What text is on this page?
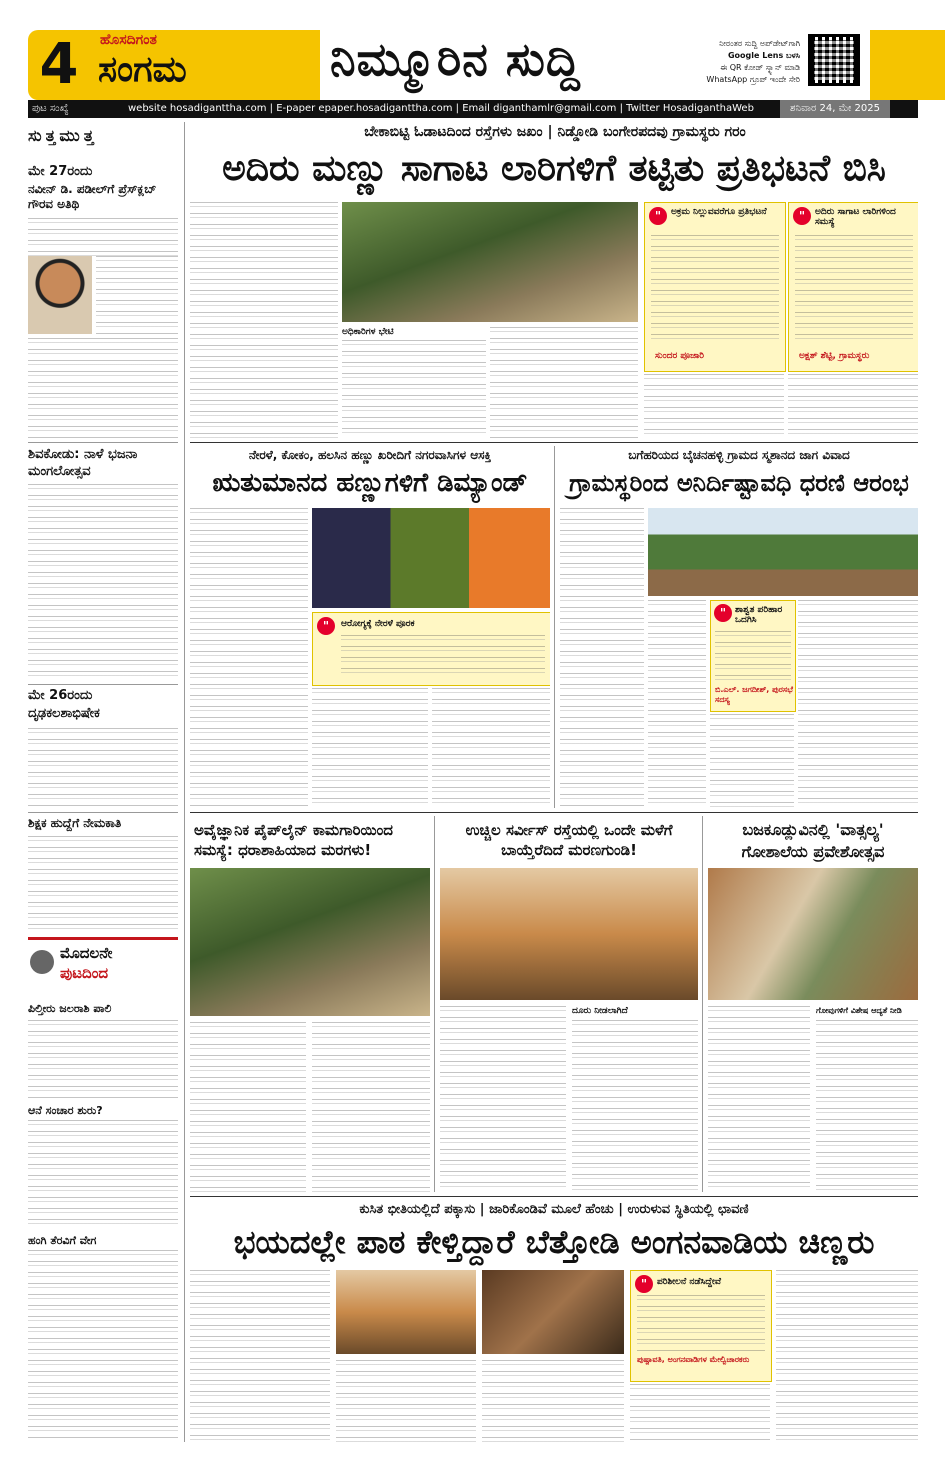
4	ಹೊಸದಿಗಂತ
ಸಂಗಮ	ನಿಮ್ಮೂರಿನ ಸುದ್ದಿ	ನೀರಂತರ ಸುದ್ದಿ ಅಪ್‌ಡೇಟ್‌ಗಾಗಿ
Google Lens ಬಳಸಿ
ಈ QR ಕೋಡ್ ಸ್ಕ್ಯಾನ್ ಮಾಡಿ
WhatsApp ಗ್ರೂಪ್ ಇಂದೇ ಸೇರಿ
ಪುಟ ಸಂಖ್ಯೆ	website hosadiganttha.com | E-paper epaper.hosadiganttha.com | Email diganthamlr@gmail.com | Twitter HosadiganthaWeb	ಶನಿವಾರ 24, ಮೇ 2025
ಸುತ್ತಮುತ್ತ
ಮೇ 27ರಂದು
ನವೀನ್ ಡಿ. ಪಡೀಲ್‌ಗೆ ಪ್ರೆಸ್‌ಕ್ಲಬ್ ಗೌರವ ಅತಿಥಿ
ಶಿವಕೋಡು: ನಾಳೆ ಭಜನಾ ಮಂಗಲೋತ್ಸವ
ಮೇ 26ರಂದು
ದೃಢಕಲಶಾಭಿಷೇಕ
ಶಿಕ್ಷಕ ಹುದ್ದೆಗೆ ನೇಮಕಾತಿ
ಮೊದಲನೇ
ಪುಟದಿಂದ
ಪಿಲ್ತೀರು ಜಲರಾಶಿ ಪಾಲಿ
ಆನೆ ಸಂಚಾರ ಶುರು?
ಹಂಗಿ ತೆರವಿಗೆ ವೇಗ
ಬೇಕಾಬಿಟ್ಟಿ ಓಡಾಟದಿಂದ ರಸ್ತೆಗಳು ಜಖಂ | ನಿಡ್ಡೋಡಿ ಬಂಗೇರಪದವು ಗ್ರಾಮಸ್ಥರು ಗರಂ
ಅದಿರು ಮಣ್ಣು ಸಾಗಾಟ ಲಾರಿಗಳಿಗೆ ತಟ್ಟಿತು ಪ್ರತಿಭಟನೆ ಬಿಸಿ
ಅಧಿಕಾರಿಗಳ ಭೇಟಿ
"	ಅಕ್ರಮ ನಿಲ್ಲುವವರೆಗೂ ಪ್ರತಿಭಟನೆ
ಸುಂದರ ಪೂಜಾರಿ
"	ಅದಿರು ಸಾಗಾಟ ಲಾರಿಗಳಿಂದ ಸಮಸ್ಯೆ
ಅಕ್ಷತ್ ಶೆಟ್ಟಿ, ಗ್ರಾಮಸ್ಥರು
ನೇರಳೆ, ಕೋಕಂ, ಹಲಸಿನ ಹಣ್ಣು ಖರೀದಿಗೆ ನಗರವಾಸಿಗಳ ಆಸಕ್ತಿ
ಋತುಮಾನದ ಹಣ್ಣುಗಳಿಗೆ ಡಿಮ್ಯಾಂಡ್
"	ಆರೋಗ್ಯಕ್ಕೆ ನೇರಳೆ ಪೂರಕ
ಬಗೆಹರಿಯದ ಬೈಚನಹಳ್ಳಿ ಗ್ರಾಮದ ಸ್ಮಶಾನದ ಜಾಗ ವಿವಾದ
ಗ್ರಾಮಸ್ಥರಿಂದ ಅನಿರ್ದಿಷ್ಟಾವಧಿ ಧರಣಿ ಆರಂಭ
" ಶಾಶ್ವತ ಪರಿಹಾರ ಒದಗಿಸಿ
ಬಿ.ಎಲ್. ಜಗದೀಶ್, ಪುರಸಭೆ ಸದಸ್ಯ
ಅವೈಜ್ಞಾನಿಕ ಪೈಪ್‌ಲೈನ್ ಕಾಮಗಾರಿಯಿಂದ ಸಮಸ್ಯೆ: ಧರಾಶಾಹಿಯಾದ ಮರಗಳು!
ಉಚ್ಚಿಲ ಸರ್ವೀಸ್ ರಸ್ತೆಯಲ್ಲಿ ಒಂದೇ ಮಳೆಗೆ ಬಾಯ್ತೆರೆದಿದೆ ಮರಣಗುಂಡಿ!
ದೂರು ನೀಡಲಾಗಿದೆ
ಬಜಕೂಡ್ಲುವಿನಲ್ಲಿ 'ವಾತ್ಸಲ್ಯ'
ಗೋಶಾಲೆಯ ಪ್ರವೇಶೋತ್ಸವ
ಗೋವುಗಳಿಗೆ ವಿಶೇಷ ಆದ್ಯತೆ ನೀಡಿ
ಕುಸಿತ ಭೀತಿಯಲ್ಲಿದೆ ಪಕ್ಕಾಸು | ಜಾರಿಕೊಂಡಿವೆ ಮೂಲೆ ಹೆಂಚು | ಉರುಳುವ ಸ್ಥಿತಿಯಲ್ಲಿ ಛಾವಣಿ
ಭಯದಲ್ಲೇ ಪಾಠ ಕೇಳ್ತಿದ್ದಾರೆ ಬೆತ್ತೋಡಿ ಅಂಗನವಾಡಿಯ ಚಿಣ್ಣರು
"	ಪರಿಶೀಲನೆ ನಡೆಸಿದ್ದೇವೆ
ಪುಷ್ಪಾವತಿ, ಅಂಗನವಾಡಿಗಳ ಮೇಲ್ವಿಚಾರಕರು
